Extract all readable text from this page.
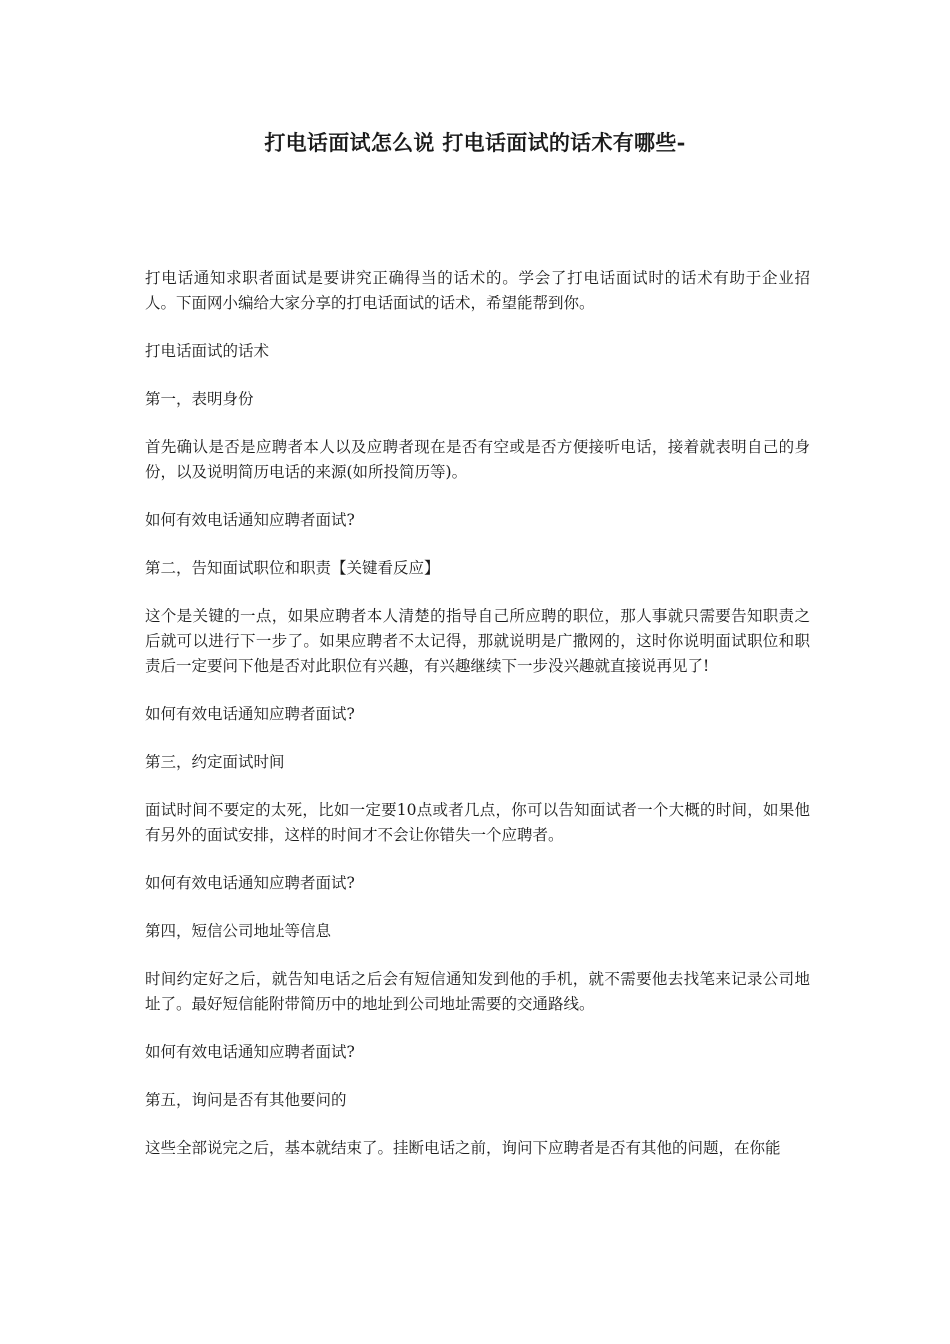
打电话面试怎么说 打电话面试的话术有哪些-

打电话通知求职者面试是要讲究正确得当的话术的。学会了打电话面试时的话术有助于企业招人。下面网小编给大家分享的打电话面试的话术，希望能帮到你。

打电话面试的话术

第一，表明身份

首先确认是否是应聘者本人以及应聘者现在是否有空或是否方便接听电话，接着就表明自己的身份，以及说明简历电话的来源(如所投简历等)。

如何有效电话通知应聘者面试?

第二，告知面试职位和职责【关键看反应】

这个是关键的一点，如果应聘者本人清楚的指导自己所应聘的职位，那人事就只需要告知职责之后就可以进行下一步了。如果应聘者不太记得，那就说明是广撒网的，这时你说明面试职位和职责后一定要问下他是否对此职位有兴趣，有兴趣继续下一步没兴趣就直接说再见了!

如何有效电话通知应聘者面试?

第三，约定面试时间

面试时间不要定的太死，比如一定要10点或者几点，你可以告知面试者一个大概的时间，如果他有另外的面试安排，这样的时间才不会让你错失一个应聘者。

如何有效电话通知应聘者面试?

第四，短信公司地址等信息

时间约定好之后，就告知电话之后会有短信通知发到他的手机，就不需要他去找笔来记录公司地址了。最好短信能附带简历中的地址到公司地址需要的交通路线。

如何有效电话通知应聘者面试?

第五，询问是否有其他要问的

这些全部说完之后，基本就结束了。挂断电话之前，询问下应聘者是否有其他的问题，在你能
